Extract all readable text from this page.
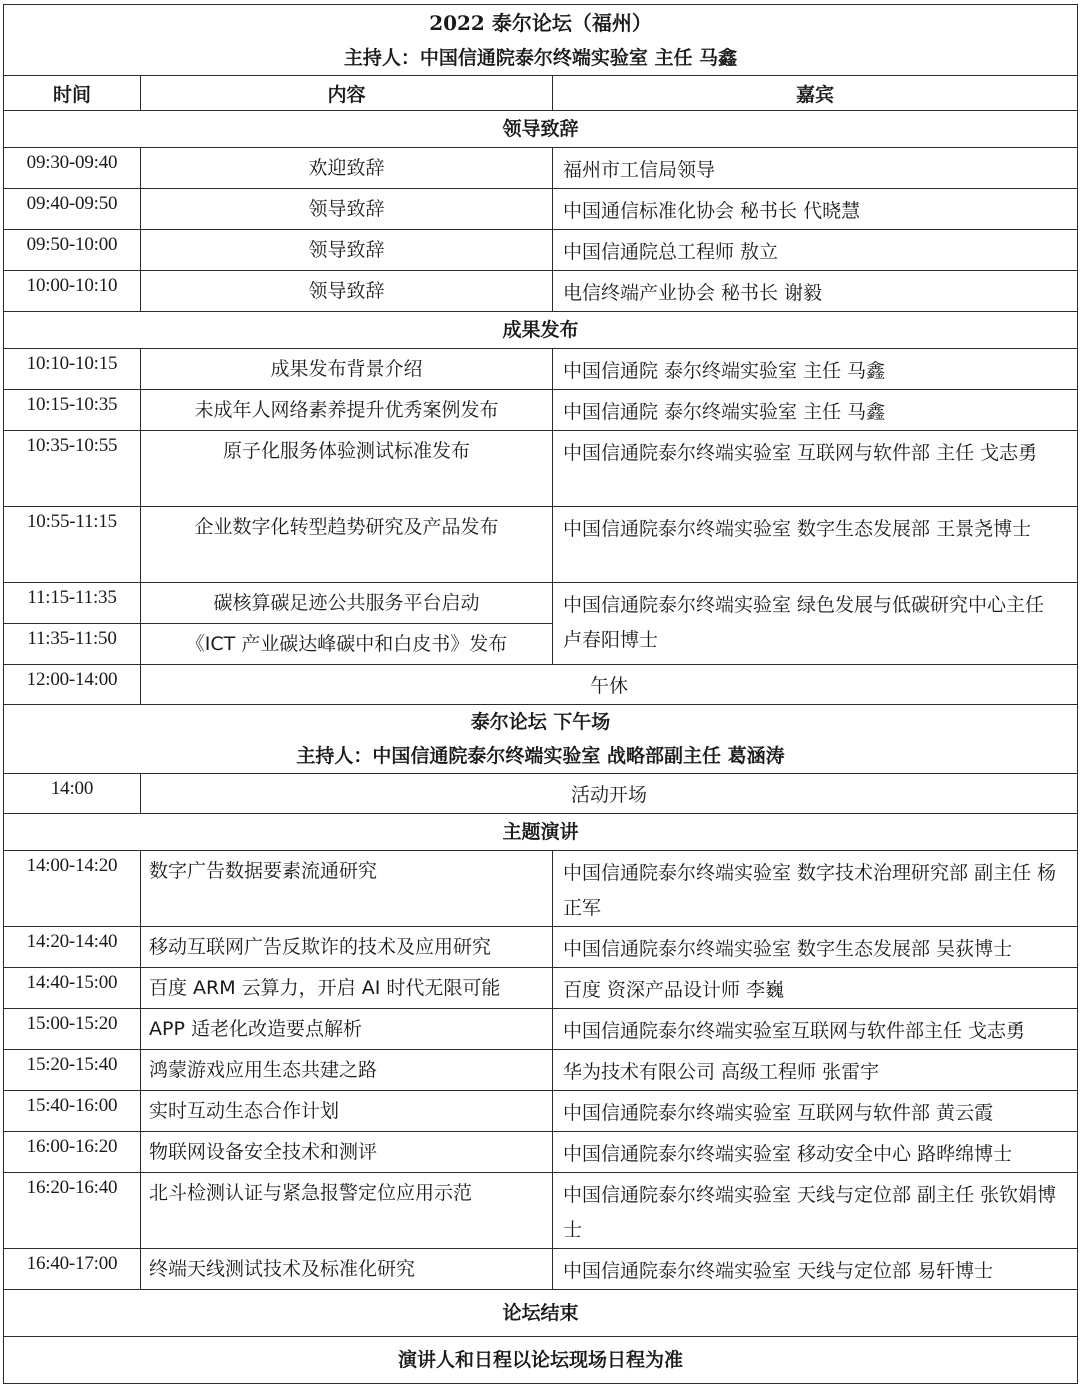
2022 泰尔论坛（福州）
主持人：中国信通院泰尔终端实验室 主任 马鑫		

时间	内容	嘉宾
领导致辞		
09:30-09:40	欢迎致辞	福州市工信局领导
09:40-09:50	领导致辞	中国通信标准化协会 秘书长 代晓慧
09:50-10:00	领导致辞	中国信通院总工程师 敖立
10:00-10:10	领导致辞	电信终端产业协会 秘书长 谢毅
成果发布		
10:10-10:15	成果发布背景介绍	中国信通院 泰尔终端实验室 主任 马鑫
10:15-10:35	未成年人网络素养提升优秀案例发布	中国信通院 泰尔终端实验室 主任 马鑫
10:35-10:55	原子化服务体验测试标准发布	中国信通院泰尔终端实验室 互联网与软件部 主任 戈志勇
10:55-11:15	企业数字化转型趋势研究及产品发布	中国信通院泰尔终端实验室 数字生态发展部 王景尧博士
11:15-11:35	碳核算碳足迹公共服务平台启动	中国信通院泰尔终端实验室 绿色发展与低碳研究中心主任 卢春阳博士
11:35-11:50	《ICT 产业碳达峰碳中和白皮书》发布	
12:00-14:00	午休	

泰尔论坛 下午场
主持人：中国信通院泰尔终端实验室 战略部副主任 葛涵涛		

14:00	活动开场	
主题演讲		
14:00-14:20	数字广告数据要素流通研究	中国信通院泰尔终端实验室 数字技术治理研究部 副主任 杨正军
14:20-14:40	移动互联网广告反欺诈的技术及应用研究	中国信通院泰尔终端实验室 数字生态发展部 吴荻博士
14:40-15:00	百度 ARM 云算力，开启 AI 时代无限可能	百度 资深产品设计师 李巍
15:00-15:20	APP 适老化改造要点解析	中国信通院泰尔终端实验室互联网与软件部主任 戈志勇
15:20-15:40	鸿蒙游戏应用生态共建之路	华为技术有限公司 高级工程师 张雷宇
15:40-16:00	实时互动生态合作计划	中国信通院泰尔终端实验室 互联网与软件部 黄云霞
16:00-16:20	物联网设备安全技术和测评	中国信通院泰尔终端实验室 移动安全中心 路晔绵博士
16:20-16:40	北斗检测认证与紧急报警定位应用示范	中国信通院泰尔终端实验室 天线与定位部 副主任 张钦娟博士
16:40-17:00	终端天线测试技术及标准化研究	中国信通院泰尔终端实验室 天线与定位部 易轩博士
论坛结束		
演讲人和日程以论坛现场日程为准		
